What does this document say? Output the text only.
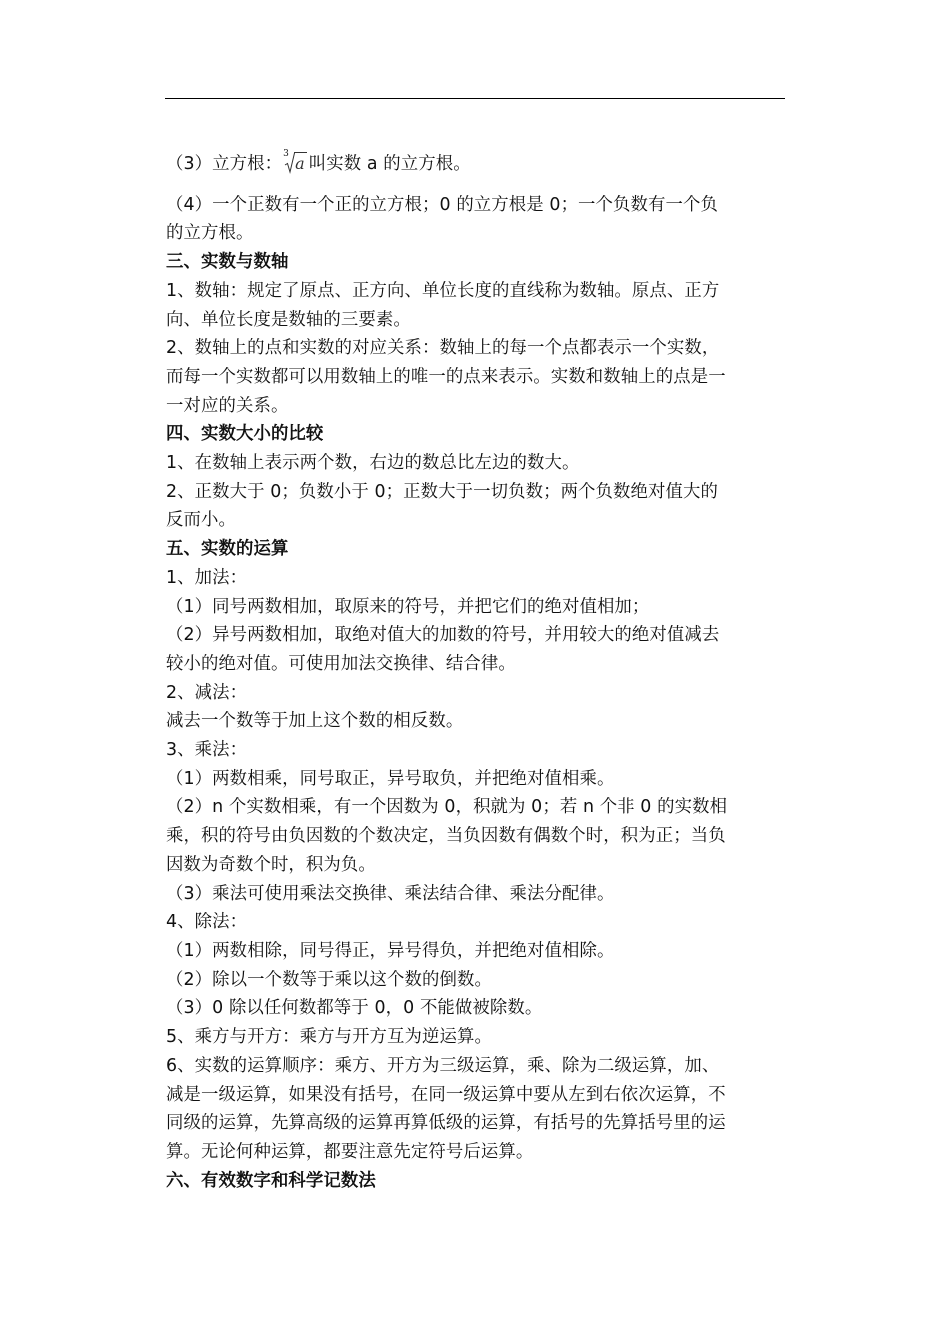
（3）立方根： 3 a 叫实数 a 的立方根。

（4）一个正数有一个正的立方根；0 的立方根是 0；一个负数有一个负
的立方根。

三、实数与数轴

1、数轴：规定了原点、正方向、单位长度的直线称为数轴。原点、正方
向、单位长度是数轴的三要素。

2、数轴上的点和实数的对应关系：数轴上的每一个点都表示一个实数，
而每一个实数都可以用数轴上的唯一的点来表示。实数和数轴上的点是一
一对应的关系。

四、实数大小的比较

1、在数轴上表示两个数，右边的数总比左边的数大。

2、正数大于 0；负数小于 0；正数大于一切负数；两个负数绝对值大的
反而小。

五、实数的运算

1、加法：

（1）同号两数相加，取原来的符号，并把它们的绝对值相加；

（2）异号两数相加，取绝对值大的加数的符号，并用较大的绝对值减去
较小的绝对值。可使用加法交换律、结合律。

2、减法：

减去一个数等于加上这个数的相反数。

3、乘法：

（1）两数相乘，同号取正，异号取负，并把绝对值相乘。

（2）n 个实数相乘，有一个因数为 0，积就为 0；若 n 个非 0 的实数相
乘，积的符号由负因数的个数决定，当负因数有偶数个时，积为正；当负
因数为奇数个时，积为负。

（3）乘法可使用乘法交换律、乘法结合律、乘法分配律。

4、除法：

（1）两数相除，同号得正，异号得负，并把绝对值相除。

（2）除以一个数等于乘以这个数的倒数。

（3）0 除以任何数都等于 0，0 不能做被除数。

5、乘方与开方：乘方与开方互为逆运算。

6、实数的运算顺序：乘方、开方为三级运算，乘、除为二级运算，加、
减是一级运算，如果没有括号，在同一级运算中要从左到右依次运算，不
同级的运算，先算高级的运算再算低级的运算，有括号的先算括号里的运
算。无论何种运算，都要注意先定符号后运算。

六、有效数字和科学记数法
